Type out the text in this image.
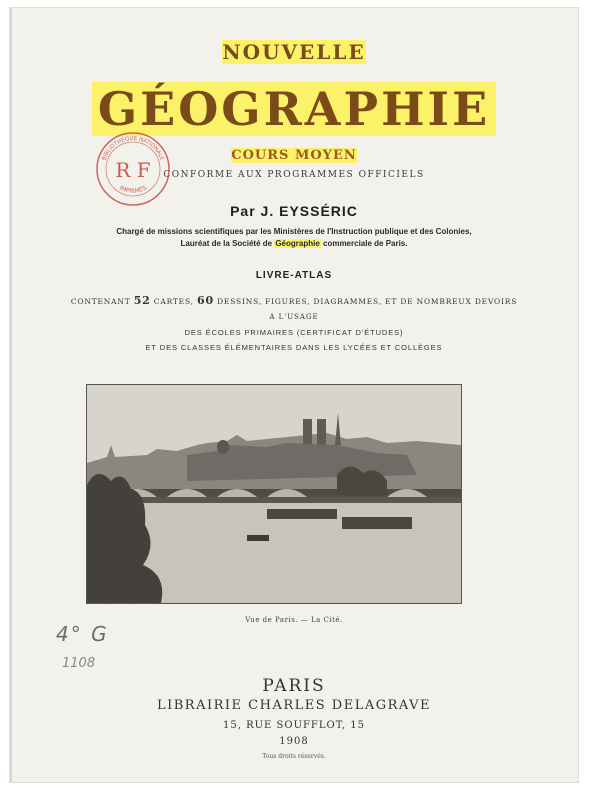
NOUVELLE
GÉOGRAPHIE
COURS MOYEN
CONFORME AUX PROGRAMMES OFFICIELS
Par J. EYSSÉRIC
Chargé de missions scientifiques par les Ministères de l'Instruction publique et des Colonies,
Lauréat de la Société de Géographie commerciale de Paris.
LIVRE-ATLAS
CONTENANT 52 CARTES, 60 DESSINS, FIGURES, DIAGRAMMES, ET DE NOMBREUX DEVOIRS
A L'USAGE
DES ÉCOLES PRIMAIRES (CERTIFICAT D'ÉTUDES)
ET DES CLASSES ÉLÉMENTAIRES DANS LES LYCÉES ET COLLÈGES
R F
BIBLIOTHÈQUE NATIONALE
IMPRIMÉS
Vue de Paris. — La Cité.
4° G
1108
PARIS
LIBRAIRIE CHARLES DELAGRAVE
15, RUE SOUFFLOT, 15
1908
Tous droits réservés.
